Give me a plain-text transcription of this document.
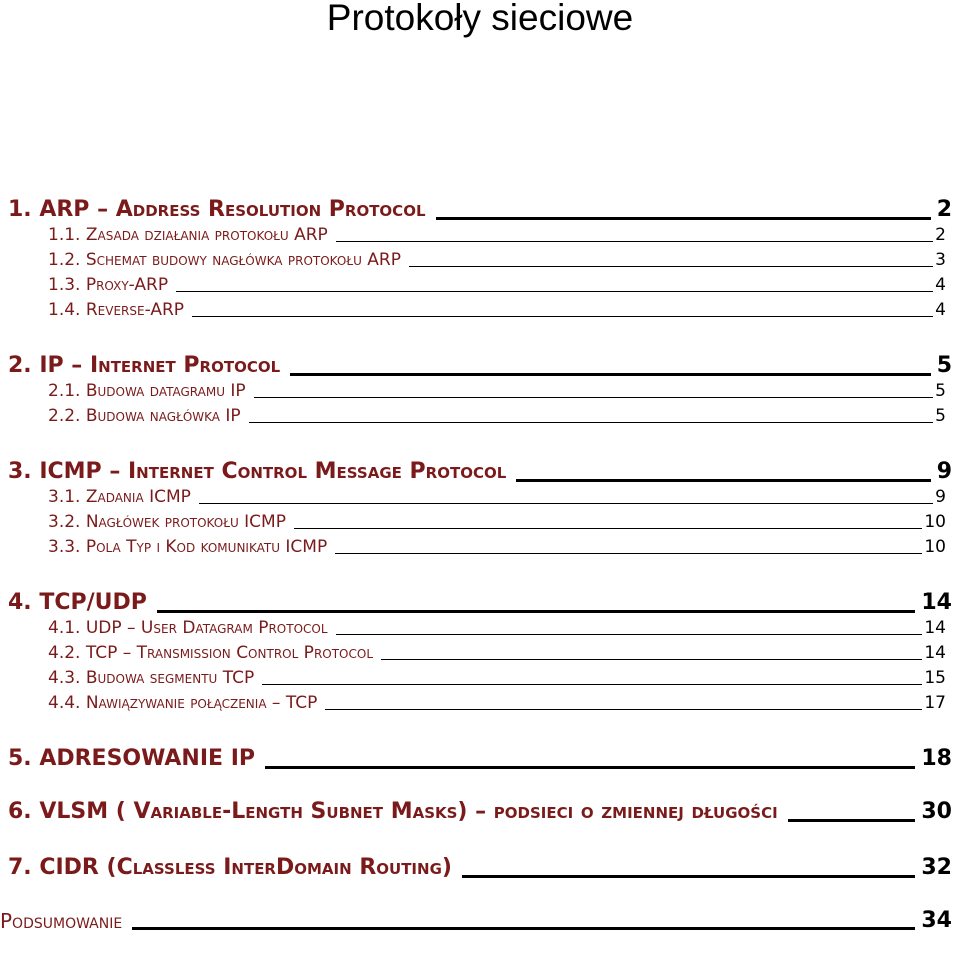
Protokoły sieciowe
1. ARP – Address Resolution Protocol	2
1.1. Zasada działania protokołu ARP	2
1.2. Schemat budowy nagłówka protokołu ARP	3
1.3. Proxy-ARP	4
1.4. Reverse-ARP	4
2. IP – Internet Protocol	5
2.1. Budowa datagramu IP	5
2.2. Budowa nagłówka IP	5
3. ICMP – Internet Control Message Protocol	9
3.1. Zadania ICMP	9
3.2. Nagłówek protokołu ICMP	10
3.3. Pola Typ i Kod komunikatu ICMP	10
4. TCP/UDP	14
4.1. UDP – User Datagram Protocol	14
4.2. TCP – Transmission Control Protocol	14
4.3. Budowa segmentu TCP	15
4.4. Nawiązywanie połączenia – TCP	17
5. ADRESOWANIE IP	18
6. VLSM ( Variable-Length Subnet Masks) – podsieci o zmiennej długości	30
7. CIDR (Classless InterDomain Routing)	32
Podsumowanie	34
